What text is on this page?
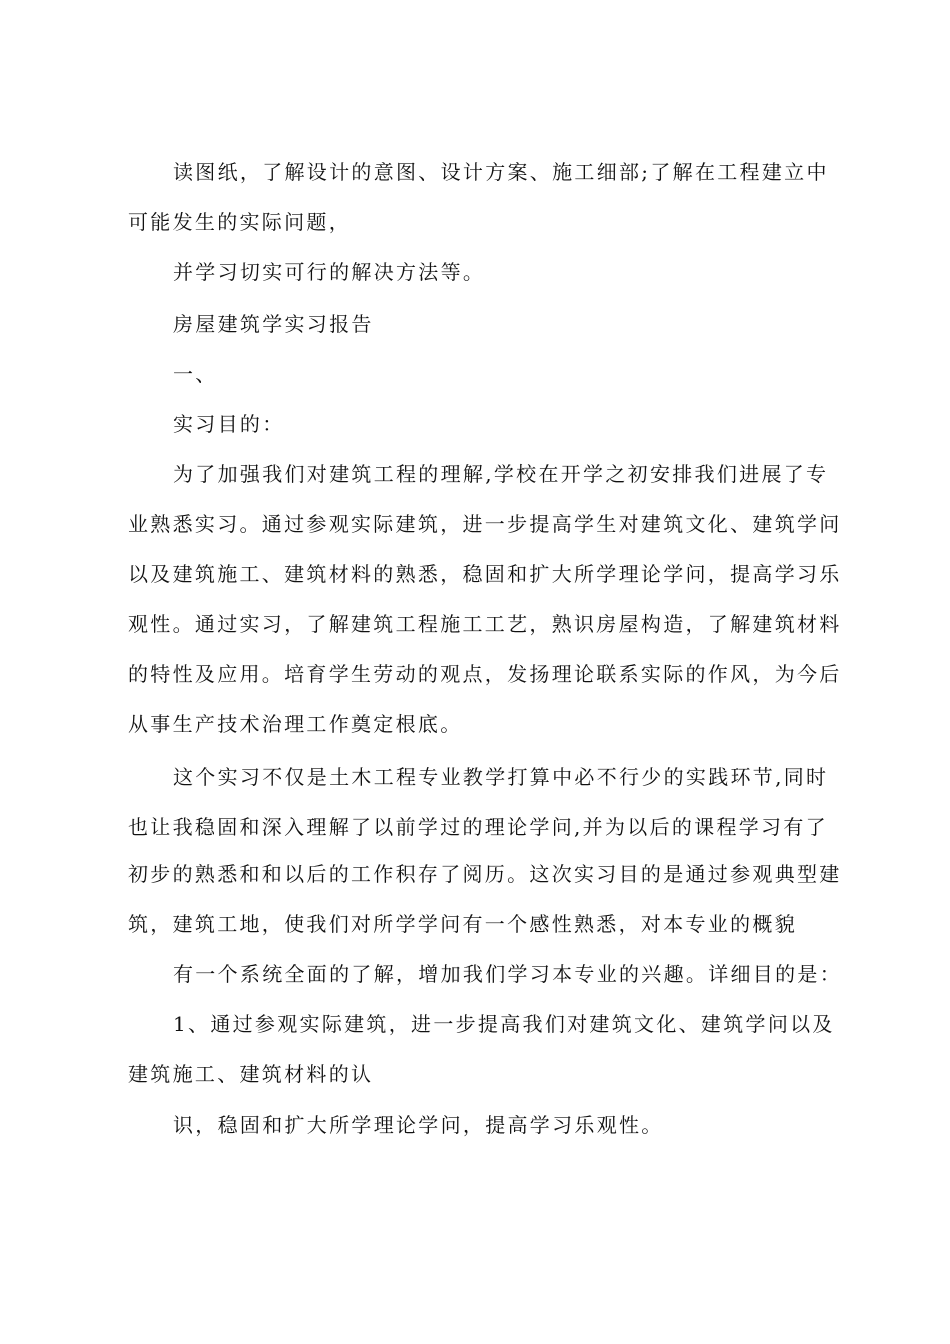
读图纸，了解设计的意图、设计方案、施工细部;了解在工程建立中
可能发生的实际问题，
并学习切实可行的解决方法等。
房屋建筑学实习报告
一、
实习目的：
为了加强我们对建筑工程的理解,学校在开学之初安排我们进展了专
业熟悉实习。通过参观实际建筑，进一步提高学生对建筑文化、建筑学问
以及建筑施工、建筑材料的熟悉，稳固和扩大所学理论学问，提高学习乐
观性。通过实习，了解建筑工程施工工艺，熟识房屋构造，了解建筑材料
的特性及应用。培育学生劳动的观点，发扬理论联系实际的作风，为今后
从事生产技术治理工作奠定根底。
这个实习不仅是土木工程专业教学打算中必不行少的实践环节,同时
也让我稳固和深入理解了以前学过的理论学问,并为以后的课程学习有了
初步的熟悉和和以后的工作积存了阅历。这次实习目的是通过参观典型建
筑，建筑工地，使我们对所学学问有一个感性熟悉，对本专业的概貌
有一个系统全面的了解，增加我们学习本专业的兴趣。详细目的是：
1、通过参观实际建筑，进一步提高我们对建筑文化、建筑学问以及
建筑施工、建筑材料的认
识，稳固和扩大所学理论学问，提高学习乐观性。
